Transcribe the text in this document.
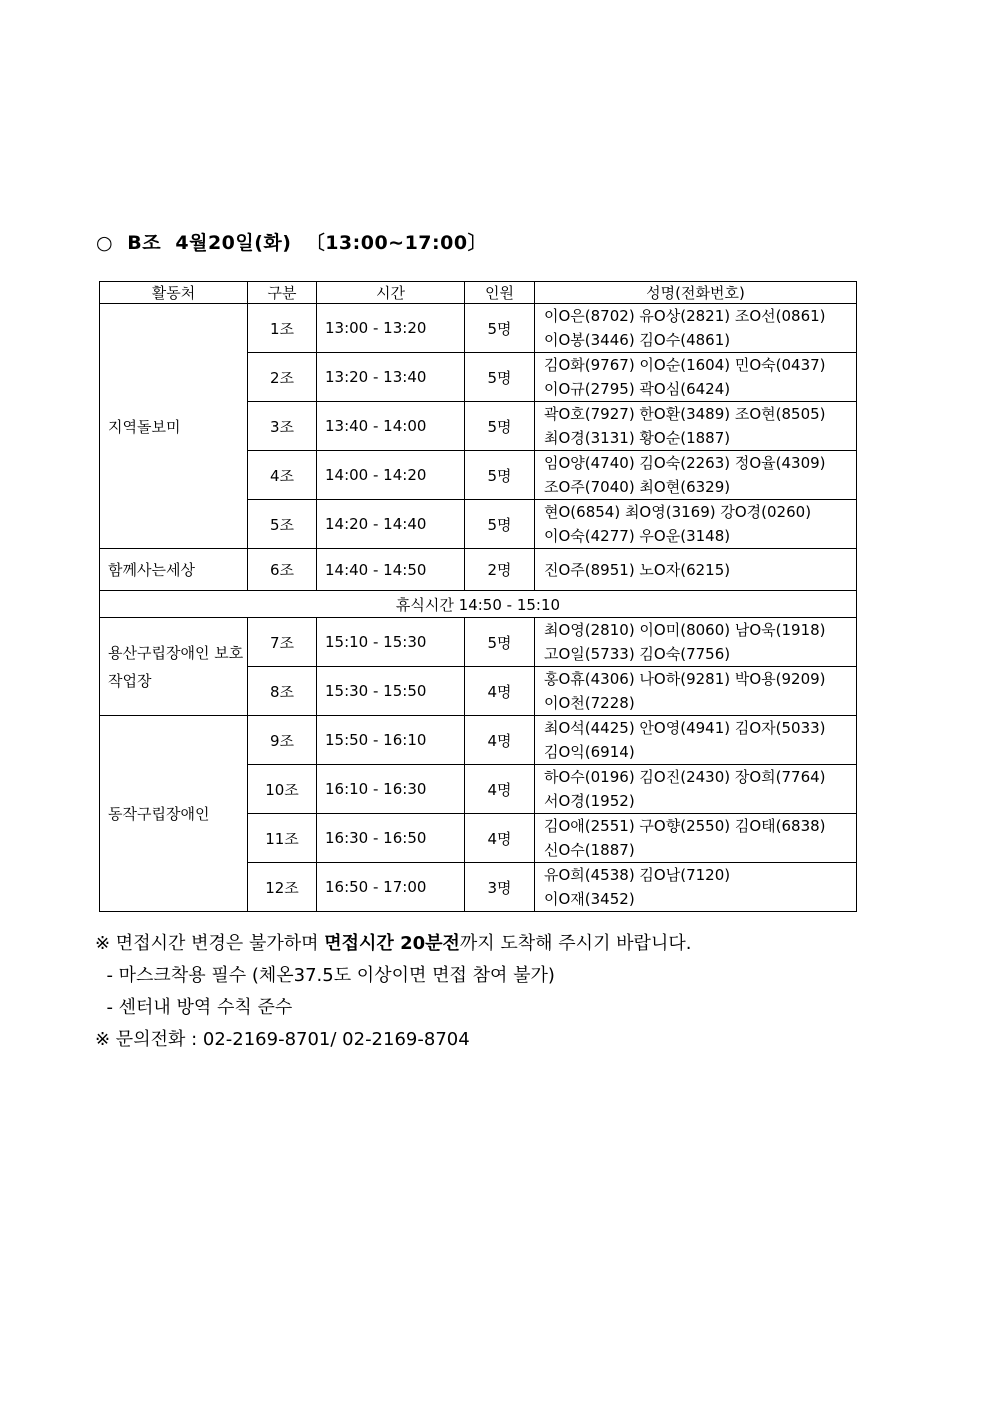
○  B조  4월20일(화)  〔13:00∼17:00〕
활동처	구분	시간	인원	성명(전화번호)
지역돌보미	1조	13:00 - 13:20	5명	이O은(8702) 유O상(2821) 조O선(0861)
이O봉(3446) 김O수(4861)

	2조	13:20 - 13:40	5명	김O화(9767) 이O순(1604) 민O숙(0437)
이O규(2795) 곽O심(6424)

	3조	13:40 - 14:00	5명	곽O호(7927) 한O환(3489) 조O현(8505)
최O경(3131) 황O순(1887)

	4조	14:00 - 14:20	5명	임O양(4740) 김O숙(2263) 정O율(4309)
조O주(7040) 최O현(6329)

	5조	14:20 - 14:40	5명	현O(6854) 최O영(3169) 강O경(0260)
이O숙(4277) 우O운(3148)

함께사는세상	6조	14:40 - 14:50	2명	진O주(8951) 노O자(6215)
휴식시간 14:50 - 15:10				
용산구립장애인 보호작업장	7조	15:10 - 15:30	5명	최O영(2810) 이O미(8060) 남O욱(1918)
고O일(5733) 김O숙(7756)

	8조	15:30 - 15:50	4명	홍O휴(4306) 나O하(9281) 박O용(9209)
이O천(7228)

동작구립장애인	9조	15:50 - 16:10	4명	최O석(4425) 안O영(4941) 김O자(5033)
김O익(6914)

	10조	16:10 - 16:30	4명	하O수(0196) 김O진(2430) 장O희(7764)
서O경(1952)

	11조	16:30 - 16:50	4명	김O애(2551) 구O향(2550) 김O태(6838)
신O수(1887)

	12조	16:50 - 17:00	3명	유O희(4538) 김O남(7120)
이O재(3452)
※ 면접시간 변경은 불가하며 면접시간 20분전까지 도착해 주시기 바랍니다.
- 마스크착용 필수 (체온37.5도 이상이면 면접 참여 불가)
- 센터내 방역 수칙 준수
※ 문의전화 : 02-2169-8701/ 02-2169-8704
